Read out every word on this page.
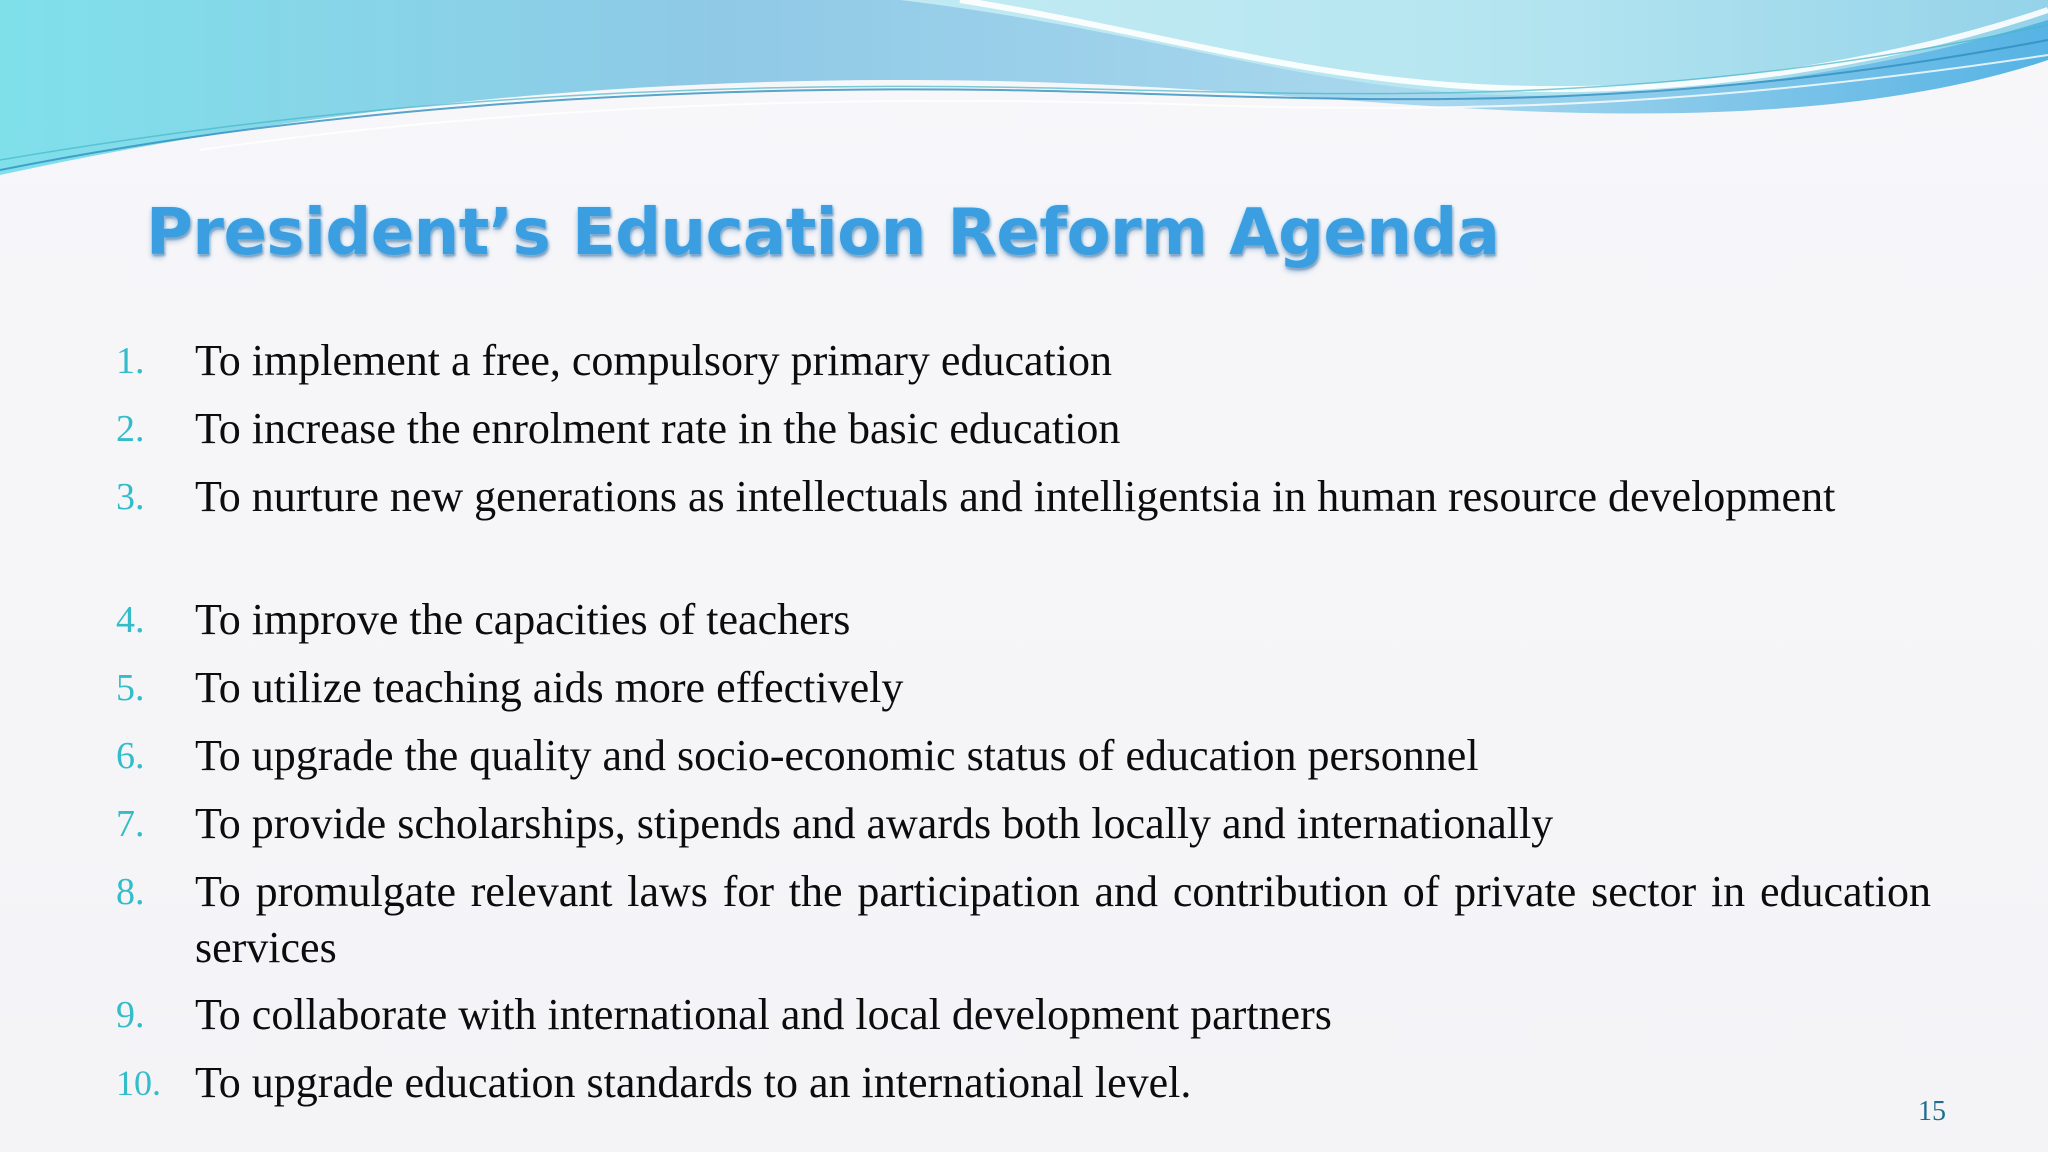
President’s Education Reform Agenda
1. To implement a free, compulsory primary education
2. To increase the enrolment rate in the basic education
3. To nurture new generations as intellectuals and intelligentsia in human resource development
4. To improve the capacities of teachers
5. To utilize teaching aids more effectively
6. To upgrade the quality and socio-economic status of education personnel
7. To provide scholarships, stipends and awards both locally and internationally
8. To promulgate relevant laws for the participation and contribution of private sector in education services
9. To collaborate with international and local development partners
10. To upgrade education standards to an international level.
15
